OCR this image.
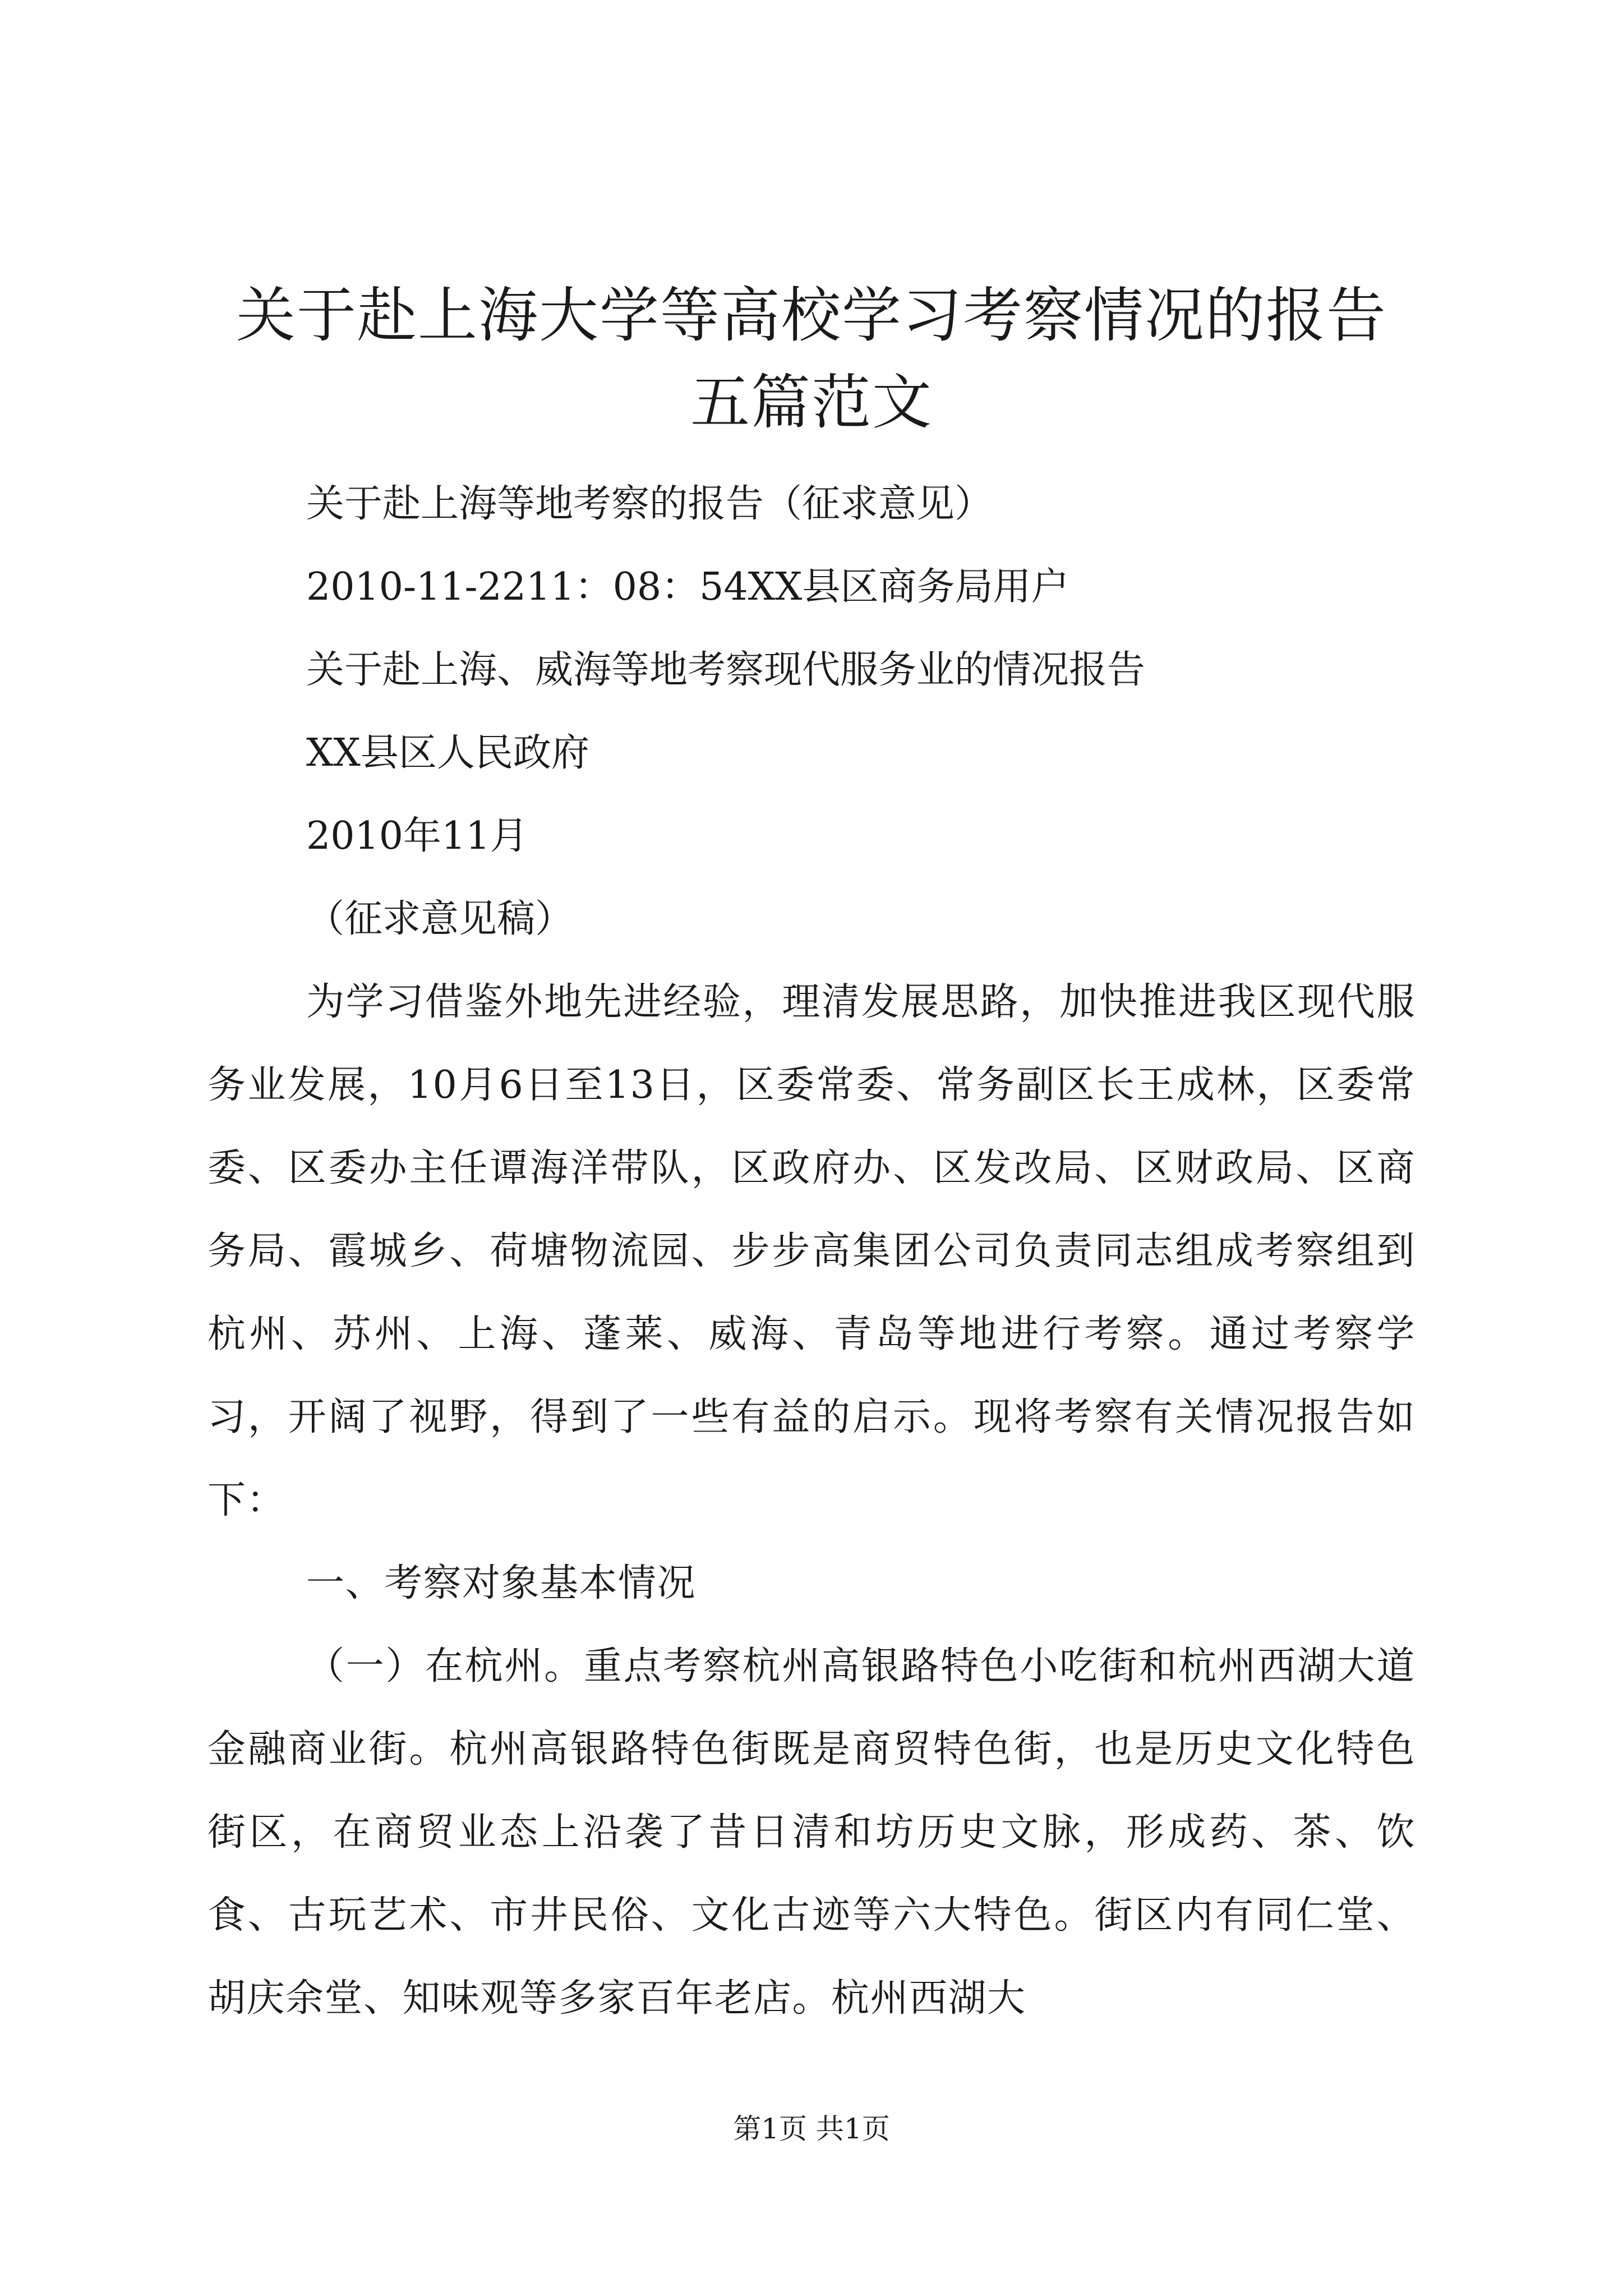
关于赴上海大学等高校学习考察情况的报告五篇范文

关于赴上海等地考察的报告（征求意见）

2010-11-2211：08：54XX县区商务局用户

关于赴上海、威海等地考察现代服务业的情况报告

XX县区人民政府

2010年11月

（征求意见稿）

为学习借鉴外地先进经验，理清发展思路，加快推进我区现代服务业发展，10月6日至13日，区委常委、常务副区长王成林，区委常委、区委办主任谭海洋带队，区政府办、区发改局、区财政局、区商务局、霞城乡、荷塘物流园、步步高集团公司负责同志组成考察组到杭州、苏州、上海、蓬莱、威海、青岛等地进行考察。通过考察学习，开阔了视野，得到了一些有益的启示。现将考察有关情况报告如下：

一、考察对象基本情况

（一）在杭州。重点考察杭州高银路特色小吃街和杭州西湖大道金融商业街。杭州高银路特色街既是商贸特色街，也是历史文化特色街区，在商贸业态上沿袭了昔日清和坊历史文脉，形成药、茶、饮食、古玩艺术、市井民俗、文化古迹等六大特色。街区内有同仁堂、胡庆余堂、知味观等多家百年老店。杭州西湖大

第1页 共1页
